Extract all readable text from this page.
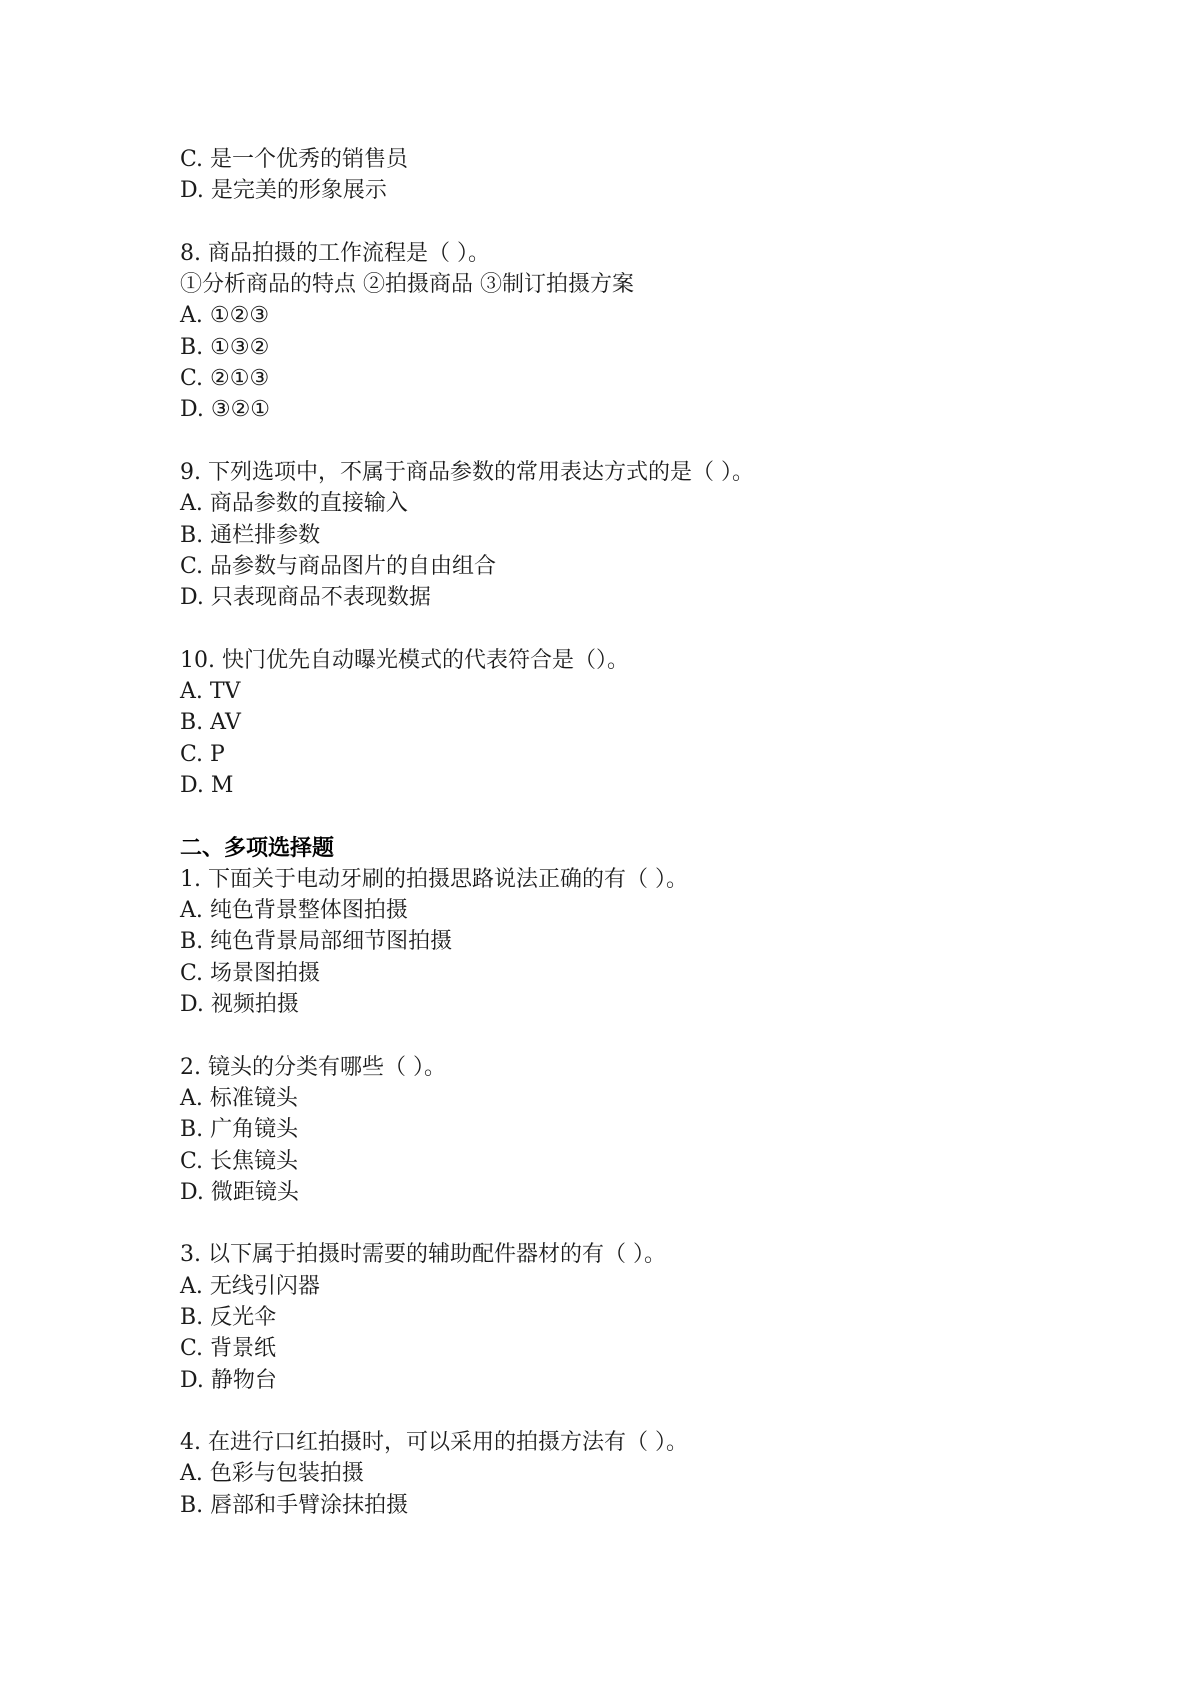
C. 是一个优秀的销售员
D. 是完美的形象展示
8. 商品拍摄的工作流程是（ ）。
①分析商品的特点 ②拍摄商品 ③制订拍摄方案
A. ①②③
B. ①③②
C. ②①③
D. ③②①
9. 下列选项中，不属于商品参数的常用表达方式的是（ ）。
A. 商品参数的直接输入
B. 通栏排参数
C. 品参数与商品图片的自由组合
D. 只表现商品不表现数据
10. 快门优先自动曝光模式的代表符合是（）。
A. TV
B. AV
C. P
D. M
二、多项选择题
1. 下面关于电动牙刷的拍摄思路说法正确的有（ ）。
A. 纯色背景整体图拍摄
B. 纯色背景局部细节图拍摄
C. 场景图拍摄
D. 视频拍摄
2. 镜头的分类有哪些（ ）。
A. 标准镜头
B. 广角镜头
C. 长焦镜头
D. 微距镜头
3. 以下属于拍摄时需要的辅助配件器材的有（ ）。
A. 无线引闪器
B. 反光伞
C. 背景纸
D. 静物台
4. 在进行口红拍摄时，可以采用的拍摄方法有（ ）。
A. 色彩与包装拍摄
B. 唇部和手臂涂抹拍摄
